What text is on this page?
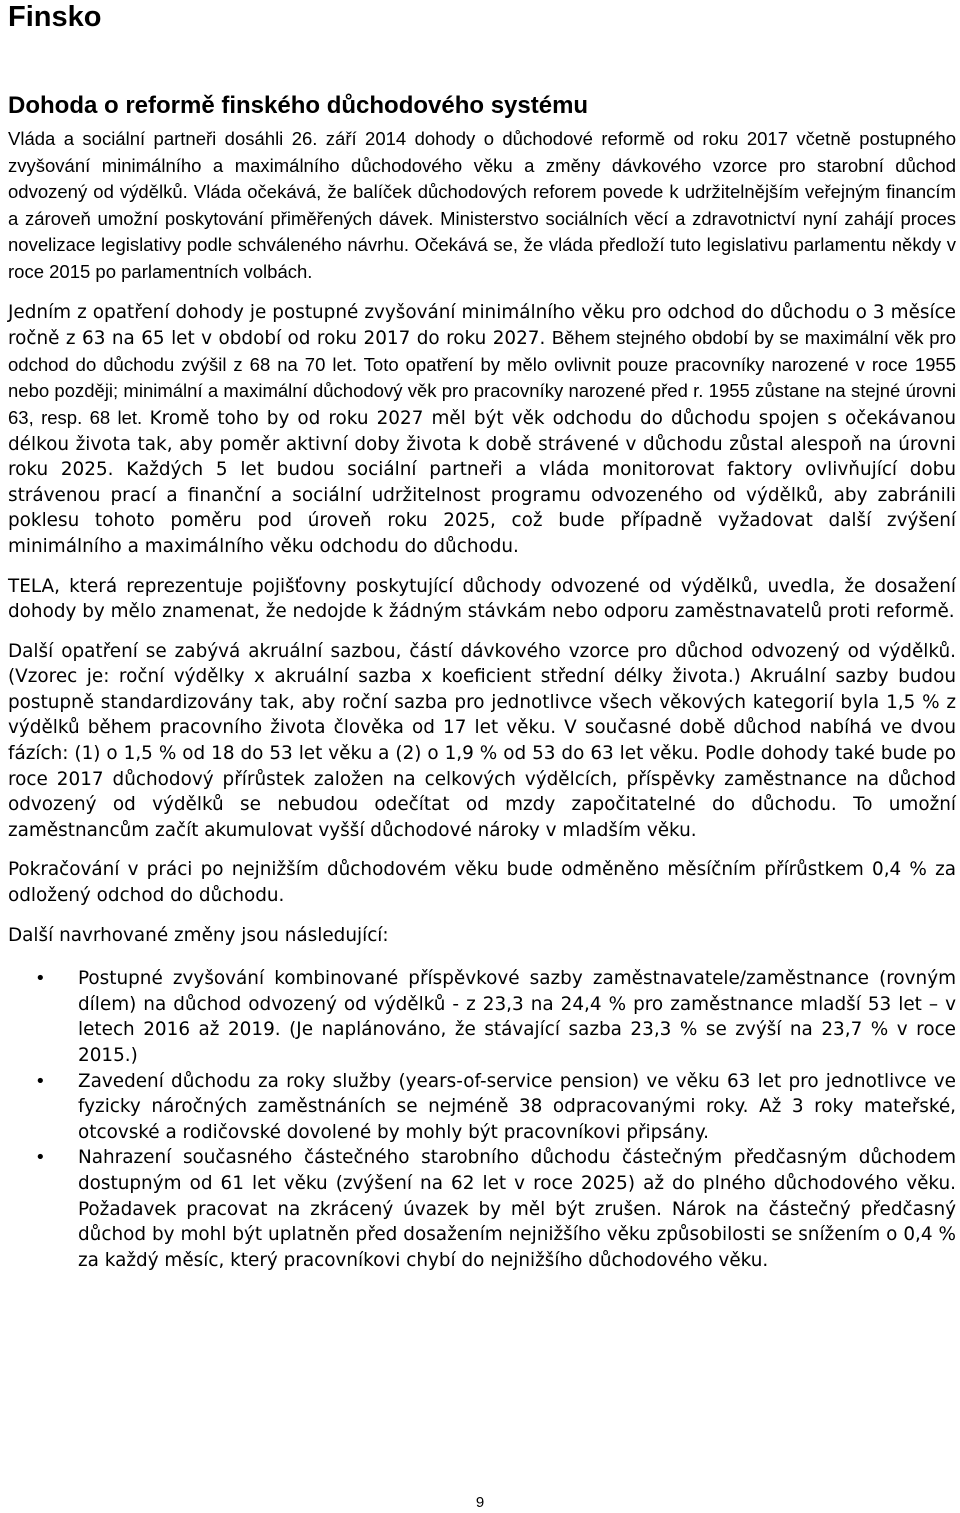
Finsko
Dohoda o reformě finského důchodového systému

Vláda a sociální partneři dosáhli 26. září 2014 dohody o důchodové reformě od roku 2017 včetně postupného zvyšování minimálního a maximálního důchodového věku a změny dávkového vzorce pro starobní důchod odvozený od výdělků. Vláda očekává, že balíček důchodových reforem povede k udržitelnějším veřejným financím a zároveň umožní poskytování přiměřených dávek. Ministerstvo sociálních věcí a zdravotnictví nyní zahájí proces novelizace legislativy podle schváleného návrhu. Očekává se, že vláda předloží tuto legislativu parlamentu někdy v roce 2015 po parlamentních volbách.

Jedním z opatření dohody je postupné zvyšování minimálního věku pro odchod do důchodu o 3 měsíce ročně z 63 na 65 let v období od roku 2017 do roku 2027. Během stejného období by se maximální věk pro odchod do důchodu zvýšil z 68 na 70 let. Toto opatření by mělo ovlivnit pouze pracovníky narozené v roce 1955 nebo později; minimální a maximální důchodový věk pro pracovníky narozené před r. 1955 zůstane na stejné úrovni 63, resp. 68 let. Kromě toho by od roku 2027 měl být věk odchodu do důchodu spojen s očekávanou délkou života tak, aby poměr aktivní doby života k době strávené v důchodu zůstal alespoň na úrovni roku 2025. Každých 5 let budou sociální partneři a vláda monitorovat faktory ovlivňující dobu strávenou prací a finanční a sociální udržitelnost programu odvozeného od výdělků, aby zabránili poklesu tohoto poměru pod úroveň roku 2025, což bude případně vyžadovat další zvýšení minimálního a maximálního věku odchodu do důchodu.

TELA, která reprezentuje pojišťovny poskytující důchody odvozené od výdělků, uvedla, že dosažení dohody by mělo znamenat, že nedojde k žádným stávkám nebo odporu zaměstnavatelů proti reformě.

Další opatření se zabývá akruální sazbou, částí dávkového vzorce pro důchod odvozený od výdělků. (Vzorec je: roční výdělky x akruální sazba x koeficient střední délky života.) Akruální sazby budou postupně standardizovány tak, aby roční sazba pro jednotlivce všech věkových kategorií byla 1,5 % z výdělků během pracovního života člověka od 17 let věku. V současné době důchod nabíhá ve dvou fázích: (1) o 1,5 % od 18 do 53 let věku a (2) o 1,9 % od 53 do 63 let věku. Podle dohody také bude po roce 2017 důchodový přírůstek založen na celkových výdělcích, příspěvky zaměstnance na důchod odvozený od výdělků se nebudou odečítat od mzdy započitatelné do důchodu. To umožní zaměstnancům začít akumulovat vyšší důchodové nároky v mladším věku.

Pokračování v práci po nejnižším důchodovém věku bude odměněno měsíčním přírůstkem 0,4 % za odložený odchod do důchodu.

Další navrhované změny jsou následující:

• Postupné zvyšování kombinované příspěvkové sazby zaměstnavatele/zaměstnance (rovným dílem) na důchod odvozený od výdělků - z 23,3 na 24,4 % pro zaměstnance mladší 53 let – v letech 2016 až 2019. (Je naplánováno, že stávající sazba 23,3 % se zvýší na 23,7 % v roce 2015.)
• Zavedení důchodu za roky služby (years-of-service pension) ve věku 63 let pro jednotlivce ve fyzicky náročných zaměstnáních se nejméně 38 odpracovanými roky. Až 3 roky mateřské, otcovské a rodičovské dovolené by mohly být pracovníkovi připsány.
• Nahrazení současného částečného starobního důchodu částečným předčasným důchodem dostupným od 61 let věku (zvýšení na 62 let v roce 2025) až do plného důchodového věku. Požadavek pracovat na zkrácený úvazek by měl být zrušen. Nárok na částečný předčasný důchod by mohl být uplatněn před dosažením nejnižšího věku způsobilosti se snížením o 0,4 % za každý měsíc, který pracovníkovi chybí do nejnižšího důchodového věku.
9
